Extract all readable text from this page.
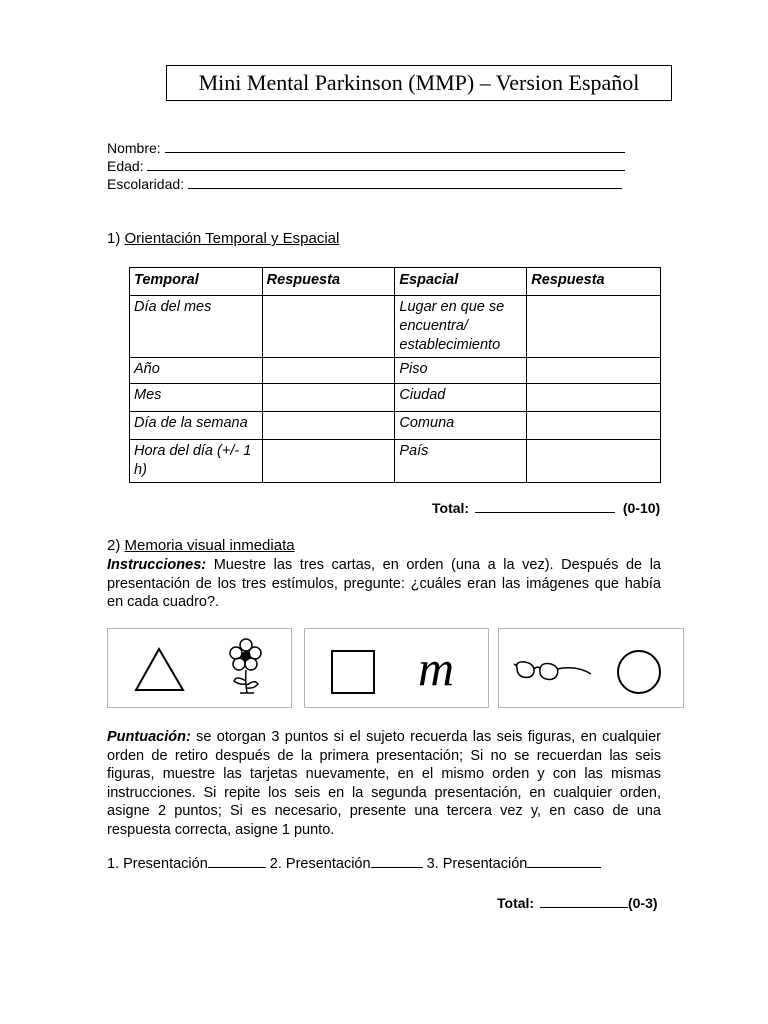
Mini Mental Parkinson (MMP) – Version Español
Nombre:
Edad:
Escolaridad:
1) Orientación Temporal y Espacial
Temporal	Respuesta	Espacial	Respuesta
Día del mes		Lugar en que se encuentra/ establecimiento	
Año		Piso	
Mes		Ciudad	
Día de la semana		Comuna	
Hora del día (+/- 1 h)		País	
Total:	(0-10)
2) Memoria visual inmediata
Instrucciones: Muestre las tres cartas, en orden (una a la vez). Después de la presentación de los tres estímulos, pregunte: ¿cuáles eran las imágenes que había en cada cuadro?.
m
Puntuación: se otorgan 3 puntos si el sujeto recuerda las seis figuras, en cualquier orden de retiro después de la primera presentación; Si no se recuerdan las seis figuras, muestre las tarjetas nuevamente, en el mismo orden y con las mismas instrucciones. Si repite los seis en la segunda presentación, en cualquier orden, asigne 2 puntos; Si es necesario, presente una tercera vez y, en caso de una respuesta correcta, asigne 1 punto.
1. Presentación	2. Presentación	3. Presentación
Total:	(0-3)
